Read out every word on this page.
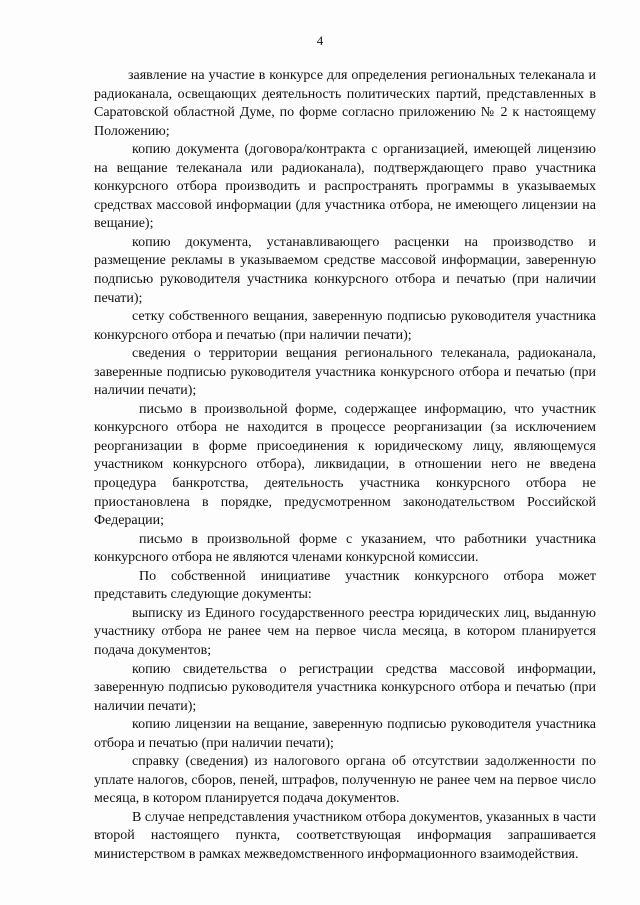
4

заявление на участие в конкурсе для определения региональных телеканала и радиоканала, освещающих деятельность политических партий, представленных в Саратовской областной Думе, по форме согласно приложению № 2 к настоящему Положению;

копию документа (договора/контракта с организацией, имеющей лицензию на вещание телеканала или радиоканала), подтверждающего право участника конкурсного отбора производить и распространять программы в указываемых средствах массовой информации (для участника отбора, не имеющего лицензии на вещание);

копию документа, устанавливающего расценки на производство и размещение рекламы в указываемом средстве массовой информации, заверенную подписью руководителя участника конкурсного отбора и печатью (при наличии печати);

сетку собственного вещания, заверенную подписью руководителя участника конкурсного отбора и печатью (при наличии печати);

сведения о территории вещания регионального телеканала, радиоканала, заверенные подписью руководителя участника конкурсного отбора и печатью (при наличии печати);

письмо в произвольной форме, содержащее информацию, что участник конкурсного отбора не находится в процессе реорганизации (за исключением реорганизации в форме присоединения к юридическому лицу, являющемуся участником конкурсного отбора), ликвидации, в отношении него не введена процедура банкротства, деятельность участника конкурсного отбора не приостановлена в порядке, предусмотренном законодательством Российской Федерации;

письмо в произвольной форме с указанием, что работники участника конкурсного отбора не являются членами конкурсной комиссии.

По собственной инициативе участник конкурсного отбора может представить следующие документы:

выписку из Единого государственного реестра юридических лиц, выданную участнику отбора не ранее чем на первое числа месяца, в котором планируется подача документов;

копию свидетельства о регистрации средства массовой информации, заверенную подписью руководителя участника конкурсного отбора и печатью (при наличии печати);

копию лицензии на вещание, заверенную подписью руководителя участника отбора и печатью (при наличии печати);

справку (сведения) из налогового органа об отсутствии задолженности по уплате налогов, сборов, пеней, штрафов, полученную не ранее чем на первое число месяца, в котором планируется подача документов.

В случае непредставления участником отбора документов, указанных в части второй настоящего пункта, соответствующая информация запрашивается министерством в рамках межведомственного информационного взаимодействия.
